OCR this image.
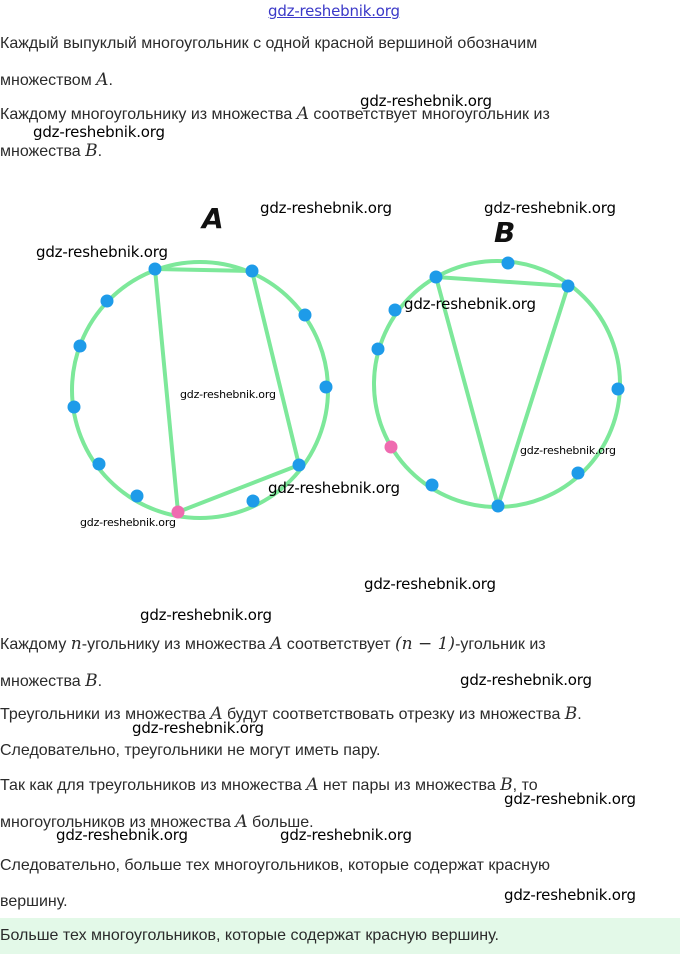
gdz-reshebnik.org
Каждый выпуклый многоугольник с одной красной вершиной обозначим
множеством A.
Каждому многоугольнику из множества A соответствует многоугольник из
множества B.
A	B
gdz-reshebnik.org
gdz-reshebnik.org
gdz-reshebnik.org	gdz-reshebnik.org
gdz-reshebnik.org
gdz-reshebnik.org
gdz-reshebnik.org
gdz-reshebnik.org
gdz-reshebnik.org
gdz-reshebnik.org
gdz-reshebnik.org
gdz-reshebnik.org
Каждому n-угольнику из множества A соответствует (n − 1)-угольник из
множества B.	gdz-reshebnik.org
Треугольники из множества A будут соответствовать отрезку из множества B. Следовательно, треугольники не могут иметь пару.
gdz-reshebnik.org
Так как для треугольников из множества A нет пары из множества B, то
многоугольников из множества A больше.
gdz-reshebnik.org
gdz-reshebnik.org	gdz-reshebnik.org
Следовательно, больше тех многоугольников, которые содержат красную
вершину.	gdz-reshebnik.org
Больше тех многоугольников, которые содержат красную вершину.
